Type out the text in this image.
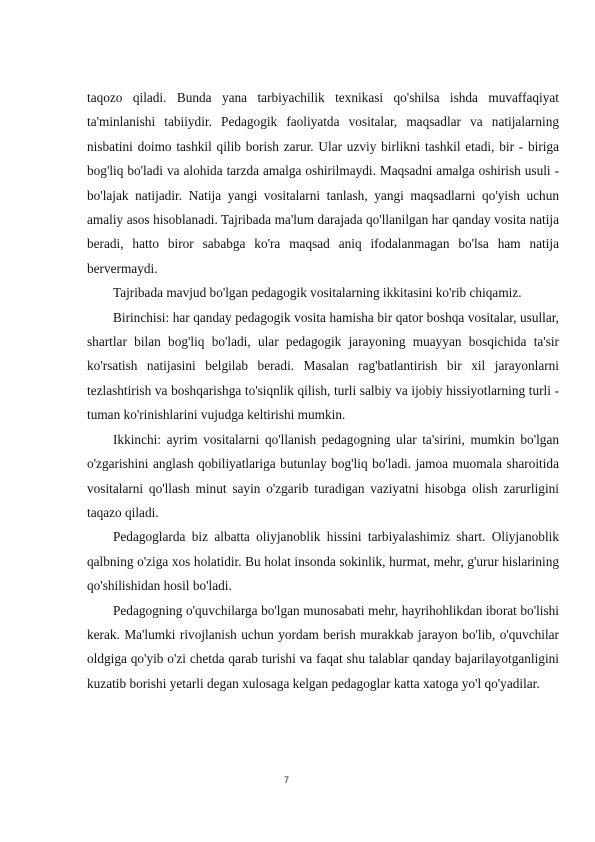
taqozo qiladi. Bunda yana tarbiyachilik texnikasi qo'shilsa ishda muvaffaqiyat ta'minlanishi tabiiydir. Pedagogik faoliyatda vositalar, maqsadlar va natijalarning nisbatini doimo tashkil qilib borish zarur. Ular uzviy birlikni tashkil etadi, bir - biriga bog'liq bo'ladi va alohida tarzda amalga oshirilmaydi. Maqsadni amalga oshirish usuli - bo'lajak natijadir. Natija yangi vositalarni tanlash, yangi maqsadlarni qo'yish uchun amaliy asos hisoblanadi. Tajribada ma'lum darajada qo'llanilgan har qanday vosita natija beradi, hatto biror sababga ko'ra maqsad aniq ifodalanmagan bo'lsa ham natija bervermaydi.

Tajribada mavjud bo'lgan pedagogik vositalarning ikkitasini ko'rib chiqamiz.

Birinchisi: har qanday pedagogik vosita hamisha bir qator boshqa vositalar, usullar, shartlar bilan bog'liq bo'ladi, ular pedagogik jarayoning muayyan bosqichida ta'sir ko'rsatish natijasini belgilab beradi. Masalan rag'batlantirish bir xil jarayonlarni tezlashtirish va boshqarishga to'siqnlik qilish, turli salbiy va ijobiy hissiyotlarning turli - tuman ko'rinishlarini vujudga keltirishi mumkin.

Ikkinchi: ayrim vositalarni qo'llanish pedagogning ular ta'sirini, mumkin bo'lgan o'zgarishini anglash qobiliyatlariga butunlay bog'liq bo'ladi. jamoa muomala sharoitida vositalarni qo'llash minut sayin o'zgarib turadigan vaziyatni hisobga olish zarurligini taqazo qiladi.

Pedagoglarda biz albatta oliyjanoblik hissini tarbiyalashimiz shart. Oliyjanoblik qalbning o'ziga xos holatidir. Bu holat insonda sokinlik, hurmat, mehr, g'urur hislarining qo'shilishidan hosil bo'ladi.

Pedagogning o'quvchilarga bo'lgan munosabati mehr, hayrihohlikdan iborat bo'lishi kerak. Ma'lumki rivojlanish uchun yordam berish murakkab jarayon bo'lib, o'quvchilar oldgiga qo'yib o'zi chetda qarab turishi va faqat shu talablar qanday bajarilayotganligini kuzatib borishi yetarli degan xulosaga kelgan pedagoglar katta xatoga yo'l qo'yadilar.

7
